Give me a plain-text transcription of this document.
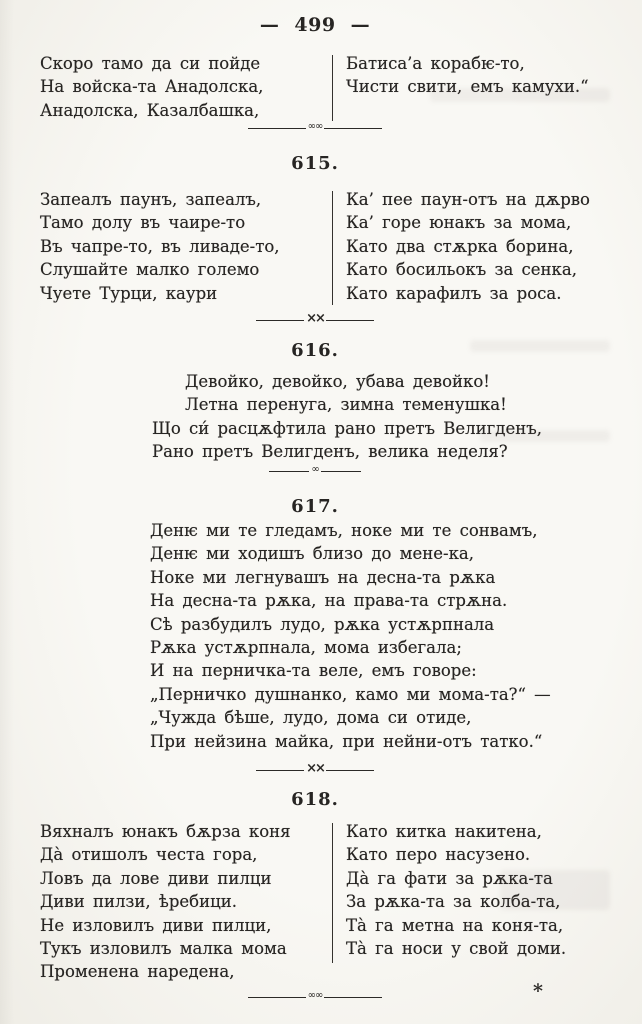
— 499 —
Скоро тамо да си пойде
На войска-та Анадолска,
Анадолска, Казалбашка,
Батиса’а корабѥ-то,
Чисти свити, емъ камухи.“
∞∞
615.
Запеалъ паунъ, запеалъ,
Тамо долу въ чаире-то
Въ чапре-то, въ ливаде-то,
Слушайте малко големо
Чуете Турци, каури
Ка’ пее паун-отъ на дѫрво
Ка’ горе юнакъ за мома,
Като два стѫрка борина,
Като босильокъ за сенка,
Като карафилъ за роса.
××
616.
Девойко, девойко, убава девойко!
Летна перенуга, зимна теменушка!
Що си́ расцѫфтила рано претъ Велигденъ,
Рано претъ Велигденъ, велика неделя?
∞
617.
Денѥ ми те гледамъ, ноке ми те сонвамъ,
Денѥ ми ходишъ близо до мене-ка,
Ноке ми легнувашъ на десна-та рѫка
На десна-та рѫка, на права-та стрѫна.
Сѣ разбудилъ лудо, рѫка устѫрпнала
Рѫка устѫрпнала, мома избегала;
И на перничка-та веле, емъ говоре:
„Перничко душнанко, камо ми мома-та?“ —
„Чужда бѣше, лудо, дома си отиде,
При нейзина майка, при нейни-отъ татко.“
××
618.
Вяхналъ юнакъ бѫрза коня
Да̀ отишолъ честа гора,
Ловъ да лове диви пилци
Диви пилзи, ѣребици.
Не изловилъ диви пилци,
Тукъ изловилъ малка мома
Променена наредена,
Като китка накитена,
Като перо насузено.
Да̀ га фати за рѫка-та
За рѫка-та за колба-та,
Та̀ га метна на коня-та,
Та̀ га носи у свой доми.
∞∞	*
